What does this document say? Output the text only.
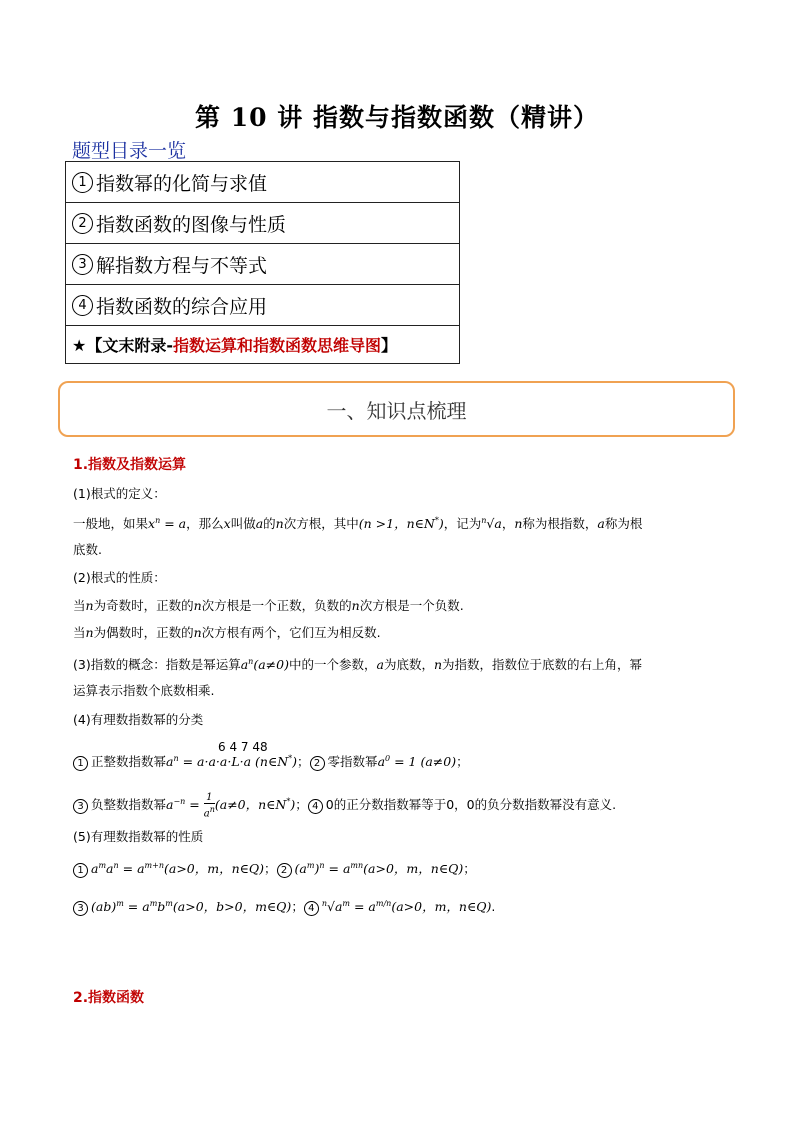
第 10 讲 指数与指数函数（精讲）
题型目录一览
1 指数幂的化简与求值
2 指数函数的图像与性质
3 解指数方程与不等式
4 指数函数的综合应用
★【文末附录- 指数运算和指数函数思维导图 】
一、知识点梳理
1.指数及指数运算
(1)根式的定义：
一般地，如果$x^n = a$，那么x叫做a的n次方根，其中(n >1，n∈N*)，记为$^n$√a，n称为根指数，a称为根
底数.
(2)根式的性质：
当n为奇数时，正数的n次方根是一个正数，负数的n次方根是一个负数.
当n为偶数时，正数的n次方根有两个，它们互为相反数.
(3)指数的概念：指数是幂运算$a^n(a\ne 0)$中的一个参数，a为底数，n为指数，指数位于底数的右上角，幂
运算表示指数个底数相乘.
(4)有理数指数幂的分类
6 4 7 48
1 正整数指数幂$a^n = a\cdot a\cdot a\cdot L\cdot a$ (n∈N*)； 2 零指数幂$a^0 = 1$ (a≠0)；
3 负整数指数幂$a^{-n} = \frac{1}{a^n} (a\ne 0$，n∈N*)； 4 0的正分数指数幂等于0，0的负分数指数幂没有意义.
(5)有理数指数幂的性质
1 $a^ma^n = a^{m+n}(a>0$，m，n∈Q)； 2 $(a^m)^n = a^{mn}(a>0$，m，n∈Q)；
3 $(ab)^m = a^mb^m(a>0$，b>0，m∈Q)； 4 $^n√a^m = a^{m/n}(a>0$，m，n∈Q).
2.指数函数
